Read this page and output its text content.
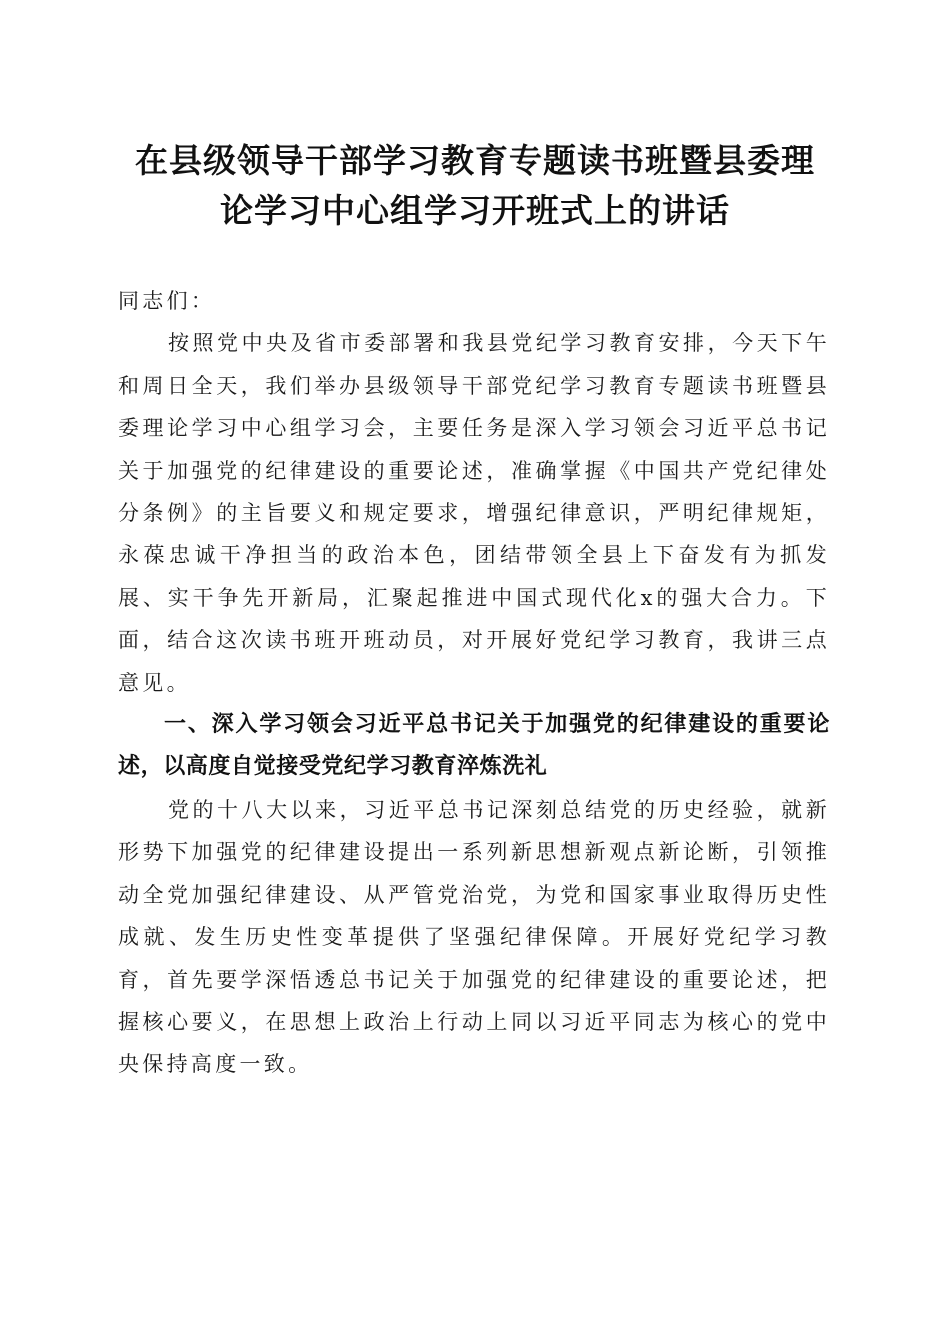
在县级领导干部学习教育专题读书班暨县委理
论学习中心组学习开班式上的讲话

同志们：

按照党中央及省市委部署和我县党纪学习教育安排，今天下午和周日全天，我们举办县级领导干部党纪学习教育专题读书班暨县委理论学习中心组学习会，主要任务是深入学习领会习近平总书记关于加强党的纪律建设的重要论述，准确掌握《中国共产党纪律处分条例》的主旨要义和规定要求，增强纪律意识，严明纪律规矩，永葆忠诚干净担当的政治本色，团结带领全县上下奋发有为抓发展、实干争先开新局，汇聚起推进中国式现代化x的强大合力。下面，结合这次读书班开班动员，对开展好党纪学习教育，我讲三点意见。

一、深入学习领会习近平总书记关于加强党的纪律建设的重要论述，以高度自觉接受党纪学习教育淬炼洗礼

党的十八大以来，习近平总书记深刻总结党的历史经验，就新形势下加强党的纪律建设提出一系列新思想新观点新论断，引领推动全党加强纪律建设、从严管党治党，为党和国家事业取得历史性成就、发生历史性变革提供了坚强纪律保障。开展好党纪学习教育，首先要学深悟透总书记关于加强党的纪律建设的重要论述，把握核心要义，在思想上政治上行动上同以习近平同志为核心的党中央保持高度一致。
